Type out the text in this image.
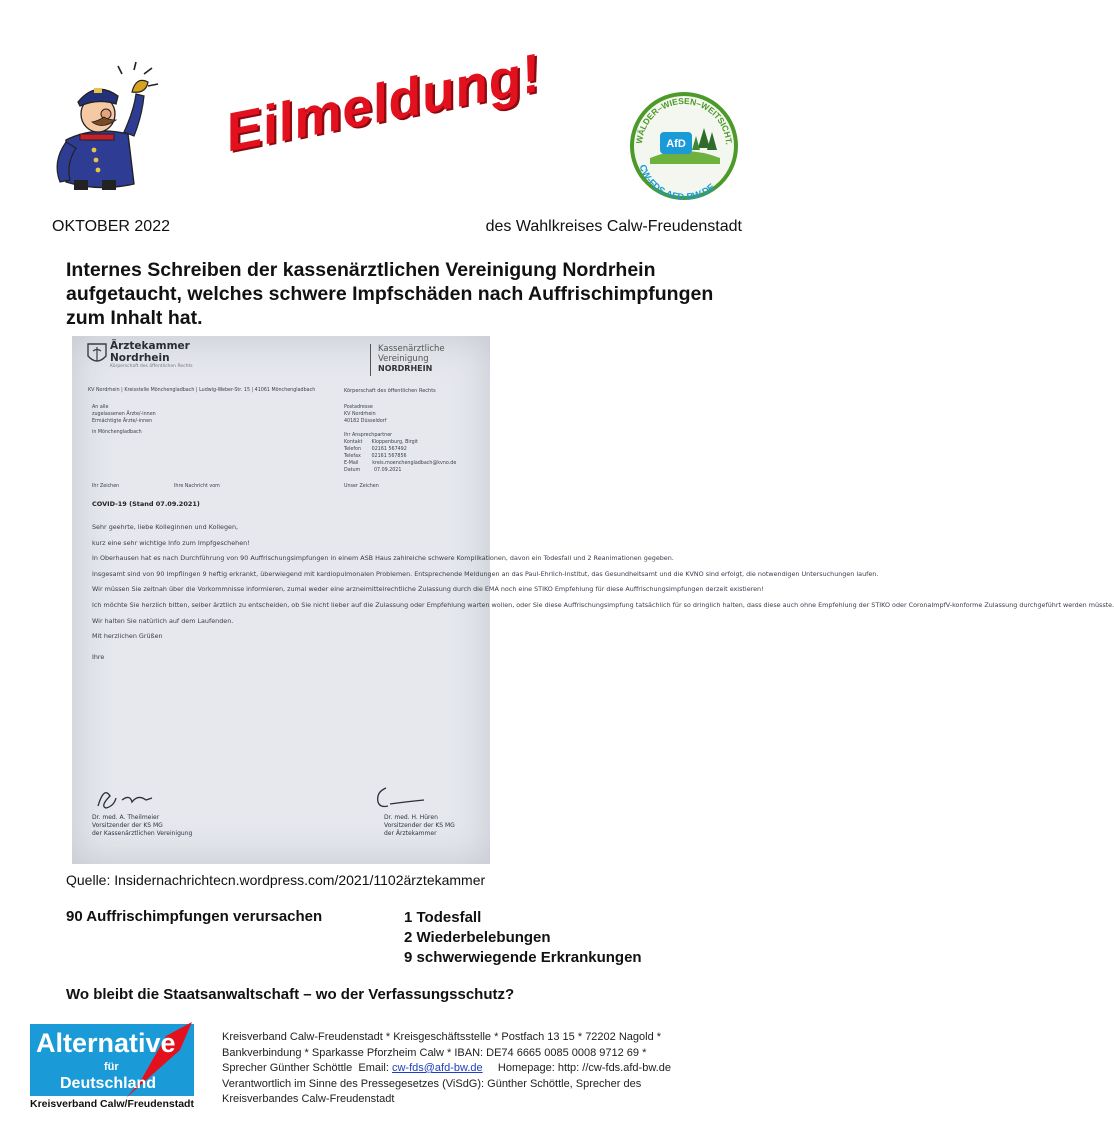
Eilmeldung!	WÄLDER–WIESEN–WEITSICHT.
CW-FDS.AFD-BW.DE
AfD
OKTOBER 2022	des Wahlkreises Calw-Freudenstadt
Internes Schreiben der kassenärztlichen Vereinigung Nordrhein aufgetaucht, welches schwere Impfschäden nach Auffrischimpfungen zum Inhalt hat.
Ärztekammer
Nordrhein
Körperschaft des öffentlichen Rechts
Kassenärztliche
Vereinigung
NORDRHEIN
KV Nordrhein | Kreisstelle Mönchengladbach | Ludwig-Weber-Str. 15 | 41061 Mönchengladbach	Körperschaft des öffentlichen Rechts
An alle
zugelassenen Ärzte/-innen
Ermächtigte Ärzte/-innen
in Mönchengladbach
Postadresse
KV Nordrhein
40182 Düsseldorf
Ihr Ansprechpartner
Kontakt      Kloppenburg, Birgit
Telefon       02161 567492
Telefax       02161 567856
E-Mail         kreis.moenchengladbach@kvno.de
Datum         07.09.2021
Ihr Zeichen	Ihre Nachricht vom	Unser Zeichen
COVID-19 (Stand 07.09.2021)

Sehr geehrte, liebe Kolleginnen und Kollegen,

kurz eine sehr wichtige Info zum Impfgeschehen!

In Oberhausen hat es nach Durchführung von 90 Auffrischungsimpfungen in einem ASB Haus zahlreiche schwere Komplikationen, davon ein Todesfall und 2 Reanimationen gegeben.

Insgesamt sind von 90 Impflingen 9 heftig erkrankt, überwiegend mit kardiopulmonalen Problemen. Entsprechende Meldungen an das Paul-Ehrlich-Institut, das Gesundheitsamt und die KVNO sind erfolgt, die notwendigen Untersuchungen laufen.

Wir müssen Sie zeitnah über die Vorkommnisse informieren, zumal weder eine arzneimittelrechtliche Zulassung durch die EMA noch eine STIKO Empfehlung für diese Auffrischungsimpfungen derzeit existieren!

Ich möchte Sie herzlich bitten, selber ärztlich zu entscheiden, ob Sie nicht lieber auf die Zulassung oder Empfehlung warten wollen, oder Sie diese Auffrischungsimpfung tatsächlich für so dringlich halten, dass diese auch ohne Empfehlung der STIKO oder CoronaImpfV-konforme Zulassung durchgeführt werden müsste.

Wir halten Sie natürlich auf dem Laufenden.

Mit herzlichen Grüßen

Ihre

Dr. med. A. Theilmeier
Vorsitzender der KS MG
der Kassenärztlichen Vereinigung
Dr. med. H. Hüren
Vorsitzender der KS MG
der Ärztekammer
Quelle: Insidernachrichtecn.wordpress.com/2021/1102ärztekammer
90 Auffrischimpfungen verursachen	1 Todesfall
2 Wiederbelebungen
9 schwerwiegende Erkrankungen
Wo bleibt die Staatsanwaltschaft – wo der Verfassungsschutz?
Alternative
für
Deutschland
Kreisverband Calw/Freudenstadt
Kreisverband Calw-Freudenstadt * Kreisgeschäftsstelle * Postfach 13 15 * 72202 Nagold *
Bankverbindung * Sparkasse Pforzheim Calw * IBAN: DE74 6665 0085 0008 9712 69 *
Sprecher Günther Schöttle  Email: cw-fds@afd-bw.de     Homepage: http: //cw-fds.afd-bw.de
Verantwortlich im Sinne des Pressegesetzes (ViSdG): Günther Schöttle, Sprecher des
Kreisverbandes Calw-Freudenstadt
